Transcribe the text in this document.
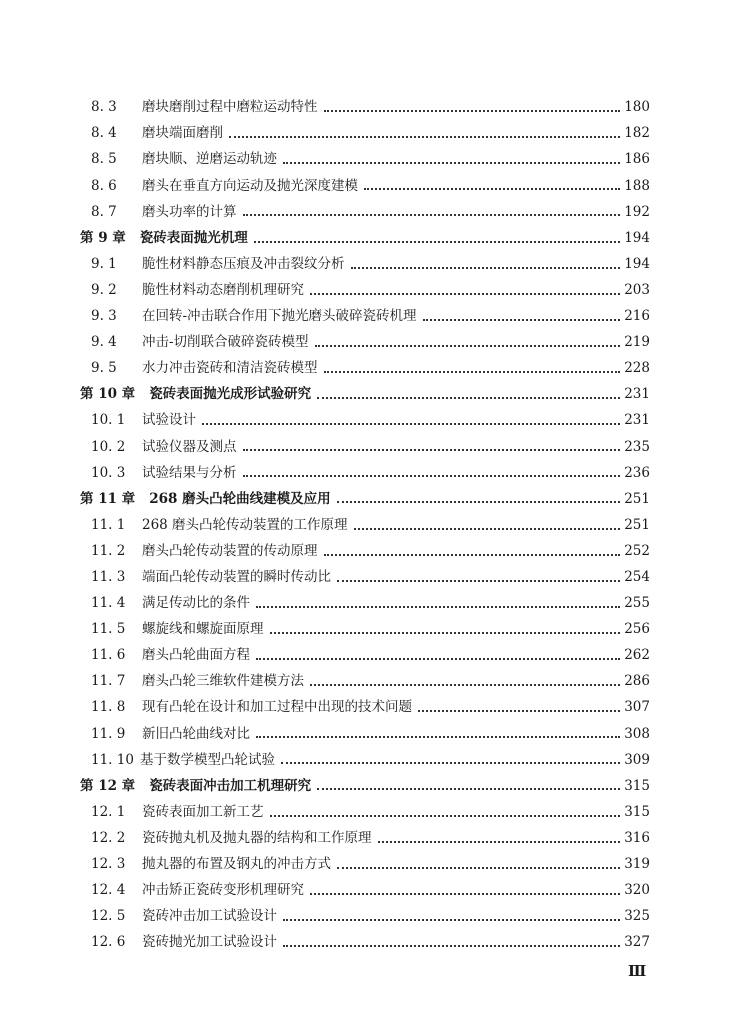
8. 3	磨块磨削过程中磨粒运动特性	180
8. 4	磨块端面磨削	182
8. 5	磨块顺、逆磨运动轨迹	186
8. 6	磨头在垂直方向运动及抛光深度建模	188
8. 7	磨头功率的计算	192
第 9 章 瓷砖表面抛光机理	194
9. 1	脆性材料静态压痕及冲击裂纹分析	194
9. 2	脆性材料动态磨削机理研究	203
9. 3	在回转-冲击联合作用下抛光磨头破碎瓷砖机理	216
9. 4	冲击-切削联合破碎瓷砖模型	219
9. 5	水力冲击瓷砖和清洁瓷砖模型	228
第 10 章 瓷砖表面抛光成形试验研究	231
10. 1	试验设计	231
10. 2	试验仪器及测点	235
10. 3	试验结果与分析	236
第 11 章 268 磨头凸轮曲线建模及应用	251
11. 1	268 磨头凸轮传动装置的工作原理	251
11. 2	磨头凸轮传动装置的传动原理	252
11. 3	端面凸轮传动装置的瞬时传动比	254
11. 4	满足传动比的条件	255
11. 5	螺旋线和螺旋面原理	256
11. 6	磨头凸轮曲面方程	262
11. 7	磨头凸轮三维软件建模方法	286
11. 8	现有凸轮在设计和加工过程中出现的技术问题	307
11. 9	新旧凸轮曲线对比	308
11. 10 基于数学模型凸轮试验	309
第 12 章 瓷砖表面冲击加工机理研究	315
12. 1	瓷砖表面加工新工艺	315
12. 2	瓷砖抛丸机及抛丸器的结构和工作原理	316
12. 3	抛丸器的布置及钢丸的冲击方式	319
12. 4	冲击矫正瓷砖变形机理研究	320
12. 5	瓷砖冲击加工试验设计	325
12. 6	瓷砖抛光加工试验设计	327
Ⅲ
